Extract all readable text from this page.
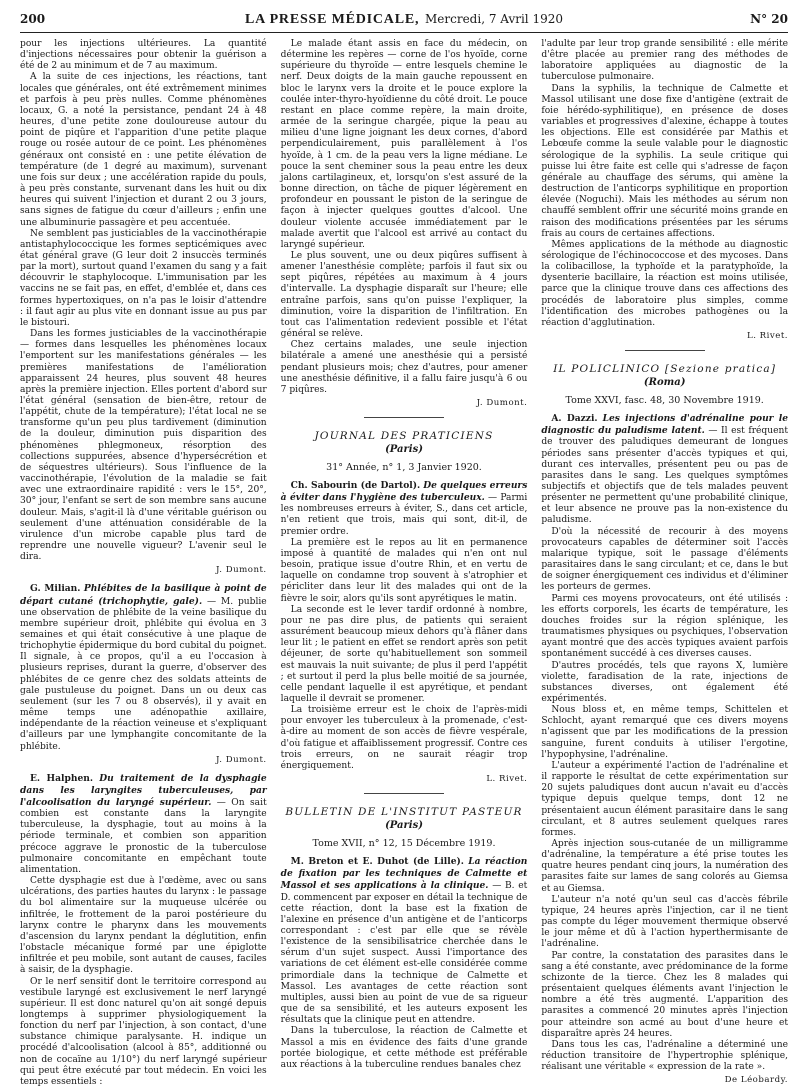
200	LA PRESSE MÉDICALE, Mercredi, 7 Avril 1920	N° 20

pour les injections ultérieures. La quantité d'injections nécessaires pour obtenir la guérison a été de 2 au minimum et de 7 au maximum.

A la suite de ces injections, les réactions, tant locales que générales, ont été extrêmement minimes et parfois à peu près nulles. Comme phénomènes locaux, G. a noté la persistance, pendant 24 à 48 heures, d'une petite zone douloureuse autour du point de piqûre et l'apparition d'une petite plaque rouge ou rosée autour de ce point. Les phénomènes généraux ont consisté en : une petite élévation de température (de 1 degré au maximum), survenant une fois sur deux ; une accélération rapide du pouls, à peu près constante, survenant dans les huit ou dix heures qui suivent l'injection et durant 2 ou 3 jours, sans signes de fatigue du cœur d'ailleurs ; enfin une une albuminurie passagère et peu accentuée.

Ne semblent pas justiciables de la vaccinothérapie antistaphylococcique les formes septicémiques avec état général grave (G leur doit 2 insuccès terminés par la mort), surtout quand l'examen du sang y a fait découvrir le staphylocoque. L'immunisation par les vaccins ne se fait pas, en effet, d'emblée et, dans ces formes hypertoxiques, on n'a pas le loisir d'attendre : il faut agir au plus vite en donnant issue au pus par le bistouri.

Dans les formes justiciables de la vaccinothérapie — formes dans lesquelles les phénomènes locaux l'emportent sur les manifestations générales — les premières manifestations de l'amélioration apparaissent 24 heures, plus souvent 48 heures après la première injection. Elles portent d'abord sur l'état général (sensation de bien-être, retour de l'appétit, chute de la température); l'état local ne se transforme qu'un peu plus tardivement (diminution de la douleur, diminution puis disparition des phénomènes phlegmoneux, résorption des collections suppurées, absence d'hypersécrétion et de séquestres ultérieurs). Sous l'influence de la vaccinothérapie, l'évolution de la maladie se fait avec une extraordinaire rapidité : vers le 15°, 20°, 30° jour, l'enfant se sert de son membre sans aucune douleur. Mais, s'agit-il là d'une véritable guérison ou seulement d'une atténuation considérable de la virulence d'un microbe capable plus tard de reprendre une nouvelle vigueur? L'avenir seul le dira.

J. Dumont.

G. Milian. Phlébites de la basilique à point de départ cutané (trichophytie, gale). — M. publie une observation de phlébite de la veine basilique du membre supérieur droit, phlébite qui évolua en 3 semaines et qui était consécutive à une plaque de trichophytie épidermique du bord cubital du poignet. Il signale, à ce propos, qu'il a eu l'occasion à plusieurs reprises, durant la guerre, d'observer des phlébites de ce genre chez des soldats atteints de gale pustuleuse du poignet. Dans un ou deux cas seulement (sur les 7 ou 8 observés), il y avait en même temps une adénopathie axillaire, indépendante de la réaction veineuse et s'expliquant d'ailleurs par une lymphangite concomitante de la phlébite.

J. Dumont.

E. Halphen. Du traitement de la dysphagie dans les laryngites tuberculeuses, par l'alcoolisation du laryngé supérieur. — On sait combien est constante dans la laryngite tuberculeuse, la dysphagie, tout au moins à la période terminale, et combien son apparition précoce aggrave le pronostic de la tuberculose pulmonaire concomitante en empêchant toute alimentation.

Cette dysphagie est due à l'œdème, avec ou sans ulcérations, des parties hautes du larynx : le passage du bol alimentaire sur la muqueuse ulcérée ou infiltrée, le frottement de la paroi postérieure du larynx contre le pharynx dans les mouvements d'ascension du larynx pendant la déglutition, enfin l'obstacle mécanique formé par une épiglotte infiltrée et peu mobile, sont autant de causes, faciles à saisir, de la dysphagie.

Or le nerf sensitif dont le territoire correspond au vestibule laryngé est exclusivement le nerf laryngé supérieur. Il est donc naturel qu'on ait songé depuis longtemps à supprimer physiologiquement la fonction du nerf par l'injection, à son contact, d'une substance chimique paralysante. H. indique un procédé d'alcoolisation (alcool à 85°, additionné ou non de cocaïne au 1/10°) du nerf laryngé supérieur qui peut être exécuté par tout médecin. En voici les temps essentiels :

Le malade étant assis en face du médecin, on détermine les repères — corne de l'os hyoïde, corne supérieure du thyroïde — entre lesquels chemine le nerf. Deux doigts de la main gauche repoussent en bloc le larynx vers la droite et le pouce explore la coulée inter-thyro-hyoïdienne du côté droit. Le pouce restant en place comme repère, la main droite, armée de la seringue chargée, pique la peau au milieu d'une ligne joignant les deux cornes, d'abord perpendiculairement, puis parallèlement à l'os hyoïde, à 1 cm. de la peau vers la ligne médiane. Le pouce la sent cheminer sous la peau entre les deux jalons cartilagineux, et, lorsqu'on s'est assuré de la bonne direction, on tâche de piquer légèrement en profondeur en poussant le piston de la seringue de façon à injecter quelques gouttes d'alcool. Une douleur violente accusée immédiatement par le malade avertit que l'alcool est arrivé au contact du laryngé supérieur.

Le plus souvent, une ou deux piqûres suffisent à amener l'anesthésie complète; parfois il faut six ou sept piqûres, répétées au maximum à 4 jours d'intervalle. La dysphagie disparaît sur l'heure; elle entraîne parfois, sans qu'on puisse l'expliquer, la diminution, voire la disparition de l'infiltration. En tout cas l'alimentation redevient possible et l'état général se relève.

Chez certains malades, une seule injection bilatérale a amené une anesthésie qui a persisté pendant plusieurs mois; chez d'autres, pour amener une anesthésie définitive, il a fallu faire jusqu'à 6 ou 7 piqûres.

J. Dumont.
JOURNAL DES PRATICIENS
(Paris)
31° Année, n° 1, 3 Janvier 1920.

Ch. Sabourin (de Dartol). De quelques erreurs à éviter dans l'hygiène des tuberculeux. — Parmi les nombreuses erreurs à éviter, S., dans cet article, n'en retient que trois, mais qui sont, dit-il, de premier ordre.

La première est le repos au lit en permanence imposé à quantité de malades qui n'en ont nul besoin, pratique issue d'outre Rhin, et en vertu de laquelle on condamne trop souvent à s'atrophier et péricliter dans leur lit des malades qui ont de la fièvre le soir, alors qu'ils sont apyrétiques le matin.

La seconde est le lever tardif ordonné à nombre, pour ne pas dire plus, de patients qui seraient assurément beaucoup mieux dehors qu'à flâner dans leur lit ; le patient en effet se rendort après son petit déjeuner, de sorte qu'habituellement son sommeil est mauvais la nuit suivante; de plus il perd l'appétit ; et surtout il perd la plus belle moitié de sa journée, celle pendant laquelle il est apyrétique, et pendant laquelle il devrait se promener.

La troisième erreur est le choix de l'après-midi pour envoyer les tuberculeux à la promenade, c'est-à-dire au moment de son accès de fièvre vespérale, d'où fatigue et affaiblissement progressif. Contre ces trois erreurs, on ne saurait réagir trop énergiquement.

L. Rivet.
BULLETIN DE L'INSTITUT PASTEUR
(Paris)
Tome XVII, n° 12, 15 Décembre 1919.

M. Breton et E. Duhot (de Lille). La réaction de fixation par les techniques de Calmette et Massol et ses applications à la clinique. — B. et D. commencent par exposer en détail la technique de cette réaction, dont la base est la fixation de l'alexine en présence d'un antigène et de l'anticorps correspondant : c'est par elle que se révèle l'existence de la sensibilisatrice cherchée dans le sérum d'un sujet suspect. Aussi l'importance des variations de cet élément est-elle considérée comme primordiale dans la technique de Calmette et Massol. Les avantages de cette réaction sont multiples, aussi bien au point de vue de sa rigueur que de sa sensibilité, et les auteurs exposent les résultats que la clinique peut en attendre.

Dans la tuberculose, la réaction de Calmette et Massol a mis en évidence des faits d'une grande portée biologique, et cette méthode est préférable aux réactions à la tuberculine rendues banales chez

l'adulte par leur trop grande sensibilité : elle mérite d'être placée au premier rang des méthodes de laboratoire appliquées au diagnostic de la tuberculose pulmonaire.

Dans la syphilis, la technique de Calmette et Massol utilisant une dose fixe d'antigène (extrait de foie hérédo-syphilitique), en présence de doses variables et progressives d'alexine, échappe à toutes les objections. Elle est considérée par Mathis et Lebœufe comme la seule valable pour le diagnostic sérologique de la syphilis. La seule critique qui puisse lui être faite est celle qui s'adresse de façon générale au chauffage des sérums, qui amène la destruction de l'anticorps syphilitique en proportion élevée (Noguchi). Mais les méthodes au sérum non chauffé semblent offrir une sécurité moins grande en raison des modifications présentées par les sérums frais au cours de certaines affections.

Mêmes applications de la méthode au diagnostic sérologique de l'échinococcose et des mycoses. Dans la colibacillose, la typhoïde et la paratyphoïde, la dysenterie bacillaire, la réaction est moins utilisée, parce que la clinique trouve dans ces affections des procédés de laboratoire plus simples, comme l'identification des microbes pathogènes ou la réaction d'agglutination.

L. Rivet.
IL POLICLINICO [Sezione pratica]
(Roma)
Tome XXVI, fasc. 48, 30 Novembre 1919.

A. Dazzi. Les injections d'adrénaline pour le diagnostic du paludisme latent. — Il est fréquent de trouver des paludiques demeurant de longues périodes sans présenter d'accès typiques et qui, durant ces intervalles, présentent peu ou pas de parasites dans le sang. Les quelques symptômes subjectifs et objectifs que de tels malades peuvent présenter ne permettent qu'une probabilité clinique, et leur absence ne prouve pas la non-existence du paludisme.

D'où la nécessité de recourir à des moyens provocateurs capables de déterminer soit l'accès malarique typique, soit le passage d'éléments parasitaires dans le sang circulant; et ce, dans le but de soigner énergiquement ces individus et d'éliminer les porteurs de germes.

Parmi ces moyens provocateurs, ont été utilisés : les efforts corporels, les écarts de température, les douches froides sur la région splénique, les traumatismes physiques ou psychiques, l'observation ayant montré que des accès typiques avaient parfois spontanément succédé à ces diverses causes.

D'autres procédés, tels que rayons X, lumière violette, faradisation de la rate, injections de substances diverses, ont également été expérimentés.

Nous bloss et, en même temps, Schittelen et Schlocht, ayant remarqué que ces divers moyens n'agissent que par les modifications de la pression sanguine, furent conduits à utiliser l'ergotine, l'hypophysine, l'adrénaline.

L'auteur a expérimenté l'action de l'adrénaline et il rapporte le résultat de cette expérimentation sur 20 sujets paludiques dont aucun n'avait eu d'accès typique depuis quelque temps, dont 12 ne présentaient aucun élément parasitaire dans le sang circulant, et 8 autres seulement quelques rares formes.

Après injection sous-cutanée de un milligramme d'adrénaline, la température a été prise toutes les quatre heures pendant cinq jours, la numération des parasites faite sur lames de sang colorés au Giemsa et au Giemsa.

L'auteur n'a noté qu'un seul cas d'accès fébrile typique, 24 heures après l'injection, car il ne tient pas compte du léger mouvement thermique observé le jour même et dû à l'action hyperthermisante de l'adrénaline.

Par contre, la constatation des parasites dans le sang a été constante, avec prédominance de la forme schizonte de la tierce. Chez les 8 malades qui présentaient quelques éléments avant l'injection le nombre a été très augmenté. L'apparition des parasites a commencé 20 minutes après l'injection pour atteindre son acmé au bout d'une heure et disparaître après 24 heures.

Dans tous les cas, l'adrénaline a déterminé une réduction transitoire de l'hypertrophie splénique, réalisant une véritable « expression de la rate ».

De Léobardy.
